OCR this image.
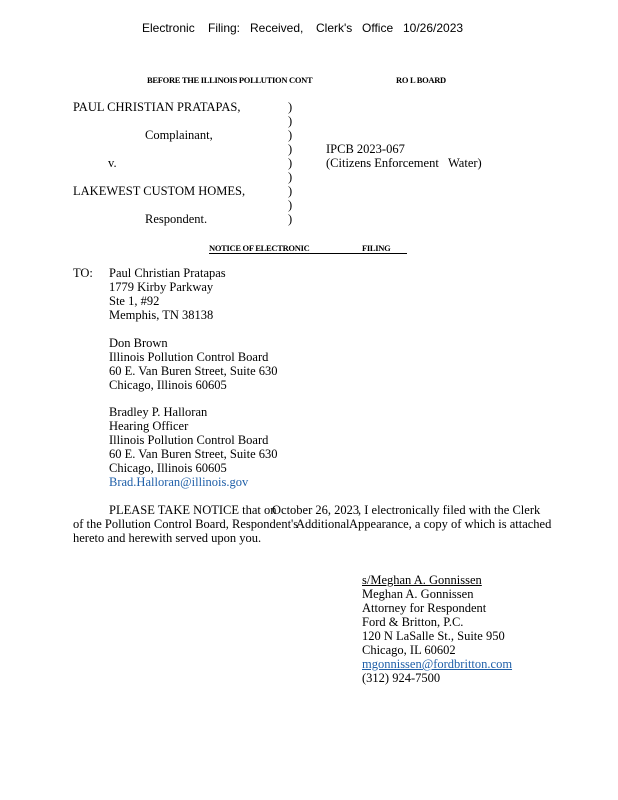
Electronic Filing: Received, Clerk's Office 10/26/2023
BEFORE THE ILLINOIS POLLUTION CONT	RO L BOARD
PAUL CHRISTIAN PRATAPAS,
Complainant,
v.
LAKEWEST CUSTOM HOMES,
Respondent.
)
)
)
)
)
)
)
)
)
IPCB 2023-067
(Citizens Enforcement Water)
NOTICE OF ELECTRONIC	FILING
TO: Paul Christian Pratapas
1779 Kirby Parkway
Ste 1, #92
Memphis, TN 38138
Don Brown
Illinois Pollution Control Board
60 E. Van Buren Street, Suite 630
Chicago, Illinois 60605
Bradley P. Halloran
Hearing Officer
Illinois Pollution Control Board
60 E. Van Buren Street, Suite 630
Chicago, Illinois 60605
Brad.Halloran@illinois.gov
PLEASE TAKE NOTICE that on
October 26, 2023
, I electronically filed with the Clerk
of the Pollution Control Board, Respondent's
Additional Appearance, a copy of which is attached
hereto and herewith served upon you.
s/Meghan A. Gonnissen
Meghan A. Gonnissen
Attorney for Respondent
Ford & Britton, P.C.
120 N LaSalle St., Suite 950
Chicago, IL 60602
mgonnissen@fordbritton.com
(312) 924-7500
